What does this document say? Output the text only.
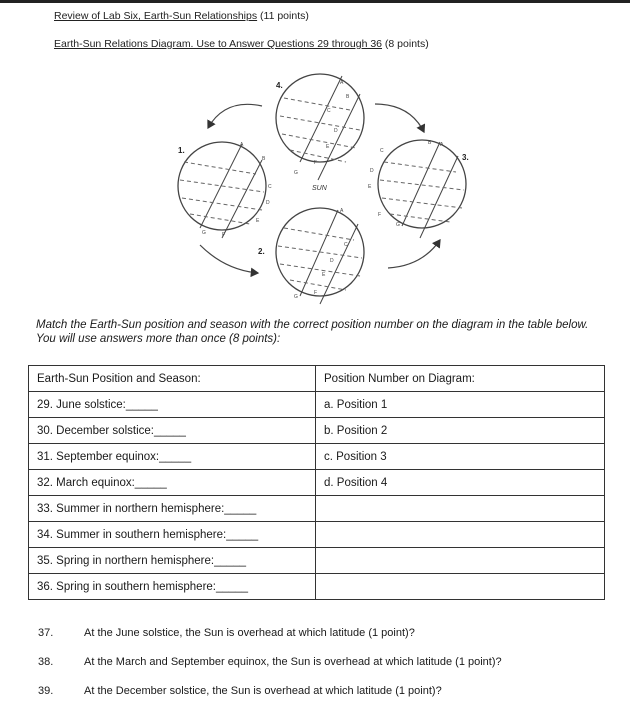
Review of Lab Six, Earth-Sun Relationships (11 points)
Earth-Sun Relations Diagram. Use to Answer Questions 29 through 36 (8 points)
SUN
4.
1.
3.
2.
A
B
C
D
E
F
G
A
B
C
D
E
F
G
A
B
C
D
E
F
G
A
C
D
E
F
G
Match the Earth-Sun position and season with the correct position number on the diagram in the table below. You will use answers more than once (8 points):
Earth-Sun Position and Season:	Position Number on Diagram:
29. June solstice:_____	a. Position 1
30. December solstice:_____	b. Position 2
31. September equinox:_____	c. Position 3
32. March equinox:_____	d. Position 4
33. Summer in northern hemisphere:_____	
34. Summer in southern hemisphere:_____	
35. Spring in northern hemisphere:_____	
36. Spring in southern hemisphere:_____	
37.	At the June solstice, the Sun is overhead at which latitude (1 point)?
38.	At the March and September equinox, the Sun is overhead at which latitude (1 point)?
39.	At the December solstice, the Sun is overhead at which latitude (1 point)?
